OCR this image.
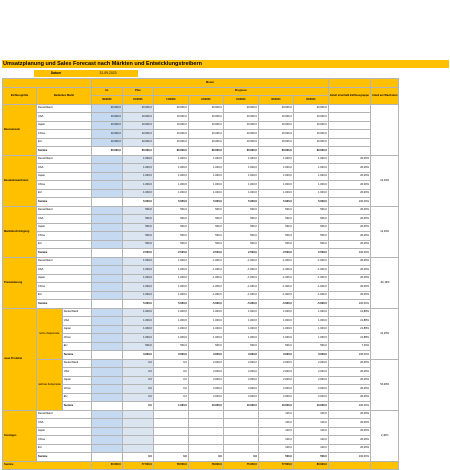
Umsatzplanung und Sales Forecast nach Märkten und Entwicklungstreibern
Datum	31.09.2023
			Monat								
Einflussgröße	Bedientes Markt		Ist	Plan	Prognose					Anteil innerhalb Einflussgruppe	Anteil am Wachstum
			09/2023	10/2023	11/2023	12/2023	01/2024	02/2024	03/2024		
Basisumsatz	Deutschland		20.000,0	20.000,0	20.000,0	20.000,0	20.000,0	20.000,0	20.000,0		
	USA		10.000,0	10.000,0	10.000,0	10.000,0	10.000,0	10.000,0	10.000,0		
	Japan		10.000,0	10.000,0	10.000,0	10.000,0	10.000,0	10.000,0	10.000,0		
	China		10.000,0	10.000,0	10.000,0	10.000,0	10.000,0	10.000,0	10.000,0		
	EU		10.000,0	10.000,0	10.000,0	10.000,0	10.000,0	10.000,0	10.000,0		
	Summe		60.000,0	60.000,0	60.000,0	60.000,0	60.000,0	60.000,0	60.000,0		
Bestandswachstum	Deutschland			1.000,0	1.000,0	1.000,0	1.000,0	1.000,0	1.000,0	20,00%	24,04%
	USA			1.000,0	1.000,0	1.000,0	1.000,0	1.000,0	1.000,0	20,00%	
	Japan			1.000,0	1.000,0	1.000,0	1.000,0	1.000,0	1.000,0	20,00%	
	China			1.000,0	1.000,0	1.000,0	1.000,0	1.000,0	1.000,0	20,00%	
	EU			1.000,0	1.000,0	1.000,0	1.000,0	1.000,0	1.000,0	20,00%	
	Summe			5.000,0	5.000,0	5.000,0	5.000,0	5.000,0	5.000,0	100,00%	
Marktdurchdringung	Deutschland			500,0	500,0	500,0	500,0	500,0	500,0	20,00%	12,02%
	USA			500,0	500,0	500,0	500,0	500,0	500,0	20,00%	
	Japan			500,0	500,0	500,0	500,0	500,0	500,0	20,00%	
	China			500,0	500,0	500,0	500,0	500,0	500,0	20,00%	
	EU			500,0	500,0	500,0	500,0	500,0	500,0	20,00%	
	Summe			2.500,0	2.500,0	2.500,0	2.500,0	2.500,0	2.500,0	100,00%	
Preisänderung	Deutschland			1.000,0	1.000,0	-1.000,0	-1.000,0	-1.000,0	-1.000,0	20,00%	-20,19%
	USA			1.000,0	1.000,0	-1.000,0	-1.000,0	-1.000,0	-1.000,0	20,00%	
	Japan			1.000,0	1.000,0	-1.000,0	-1.000,0	-1.000,0	-1.000,0	20,00%	
	China			1.000,0	1.000,0	-1.000,0	-1.000,0	-1.000,0	-1.000,0	20,00%	
	EU			1.000,0	1.000,0	-1.000,0	-1.000,0	-1.000,0	-1.000,0	20,00%	
	Summe			5.000,0	5.000,0	-5.000,0	-5.000,0	-5.000,0	-5.000,0	100,00%	
neue Produkte	letzte Zeitperiode	Deutschland		1.000,0	1.000,0	1.000,0	1.000,0	1.000,0	1.000,0	21,88%	31,25%
		USA		1.000,0	1.000,0	1.000,0	1.000,0	1.000,0	1.000,0	21,88%	
		Japan		1.000,0	1.000,0	1.000,0	1.000,0	1.000,0	1.000,0	21,88%	
		China		1.000,0	1.000,0	1.000,0	1.000,0	1.000,0	1.000,0	21,88%	
		EU		500,0	500,0	500,0	500,0	500,0	500,0	7,29%	
		Summe		3.000,0	3.000,0	3.000,0	3.000,0	3.000,0	3.000,0	100,00%	
	nächste Zeitperiode	Deutschland		0,0	0,0	2.000,0	2.000,0	2.000,0	2.000,0	20,00%	50,48%
		USA		0,0	0,0	2.000,0	2.000,0	2.000,0	2.000,0	20,00%	
		Japan		0,0	0,0	2.000,0	2.000,0	2.000,0	2.000,0	20,00%	
		China		0,0	0,0	2.000,0	2.000,0	2.000,0	2.000,0	20,00%	
		EU		0,0	0,0	2.000,0	2.000,0	2.000,0	2.000,0	20,00%	
		Summe		0,0	1.000,0	10.000,0	10.000,0	10.000,0	10.000,0	100,00%	
Sonstiges	Deutschland							100,0	100,0	20,00%	2,40%
	USA							100,0	100,0	20,00%	
	Japan							100,0	100,0	20,00%	
	China							100,0	100,0	20,00%	
	EU							100,0	100,0	20,00%	
	Summe			0,0	0,0	0,0	0,0	500,0	500,0	100,00%	
Summe			60.000,0	77.500,0	78.500,0	78.000,0	75.000,0	77.500,0	80.000,0		
